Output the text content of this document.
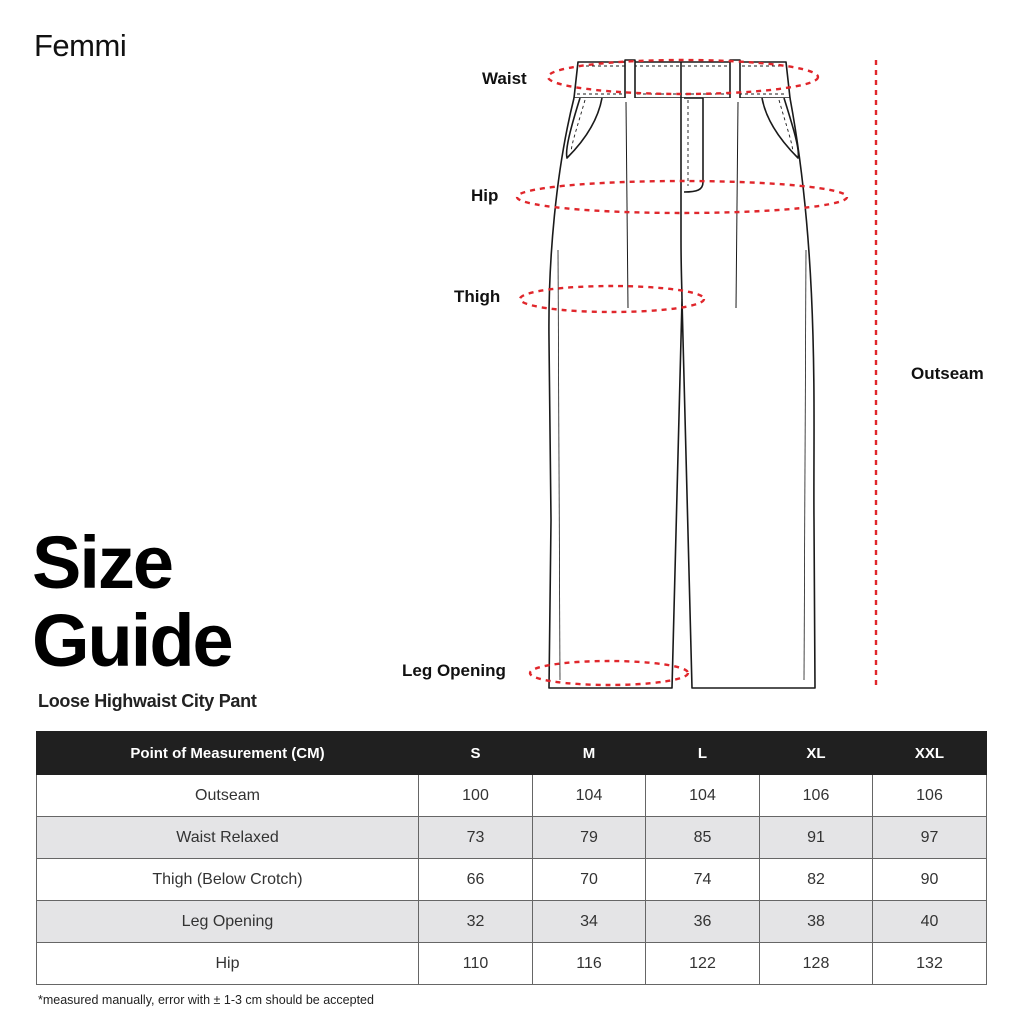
Femmi
Waist
Hip
Thigh
Leg Opening
Outseam
Size
Guide
Loose Highwaist City Pant
Point of Measurement (CM)	S	M	L	XL	XXL
Outseam	100	104	104	106	106
Waist Relaxed	73	79	85	91	97
Thigh (Below Crotch)	66	70	74	82	90
Leg Opening	32	34	36	38	40
Hip	110	116	122	128	132
*measured manually, error with ± 1-3 cm should be accepted
